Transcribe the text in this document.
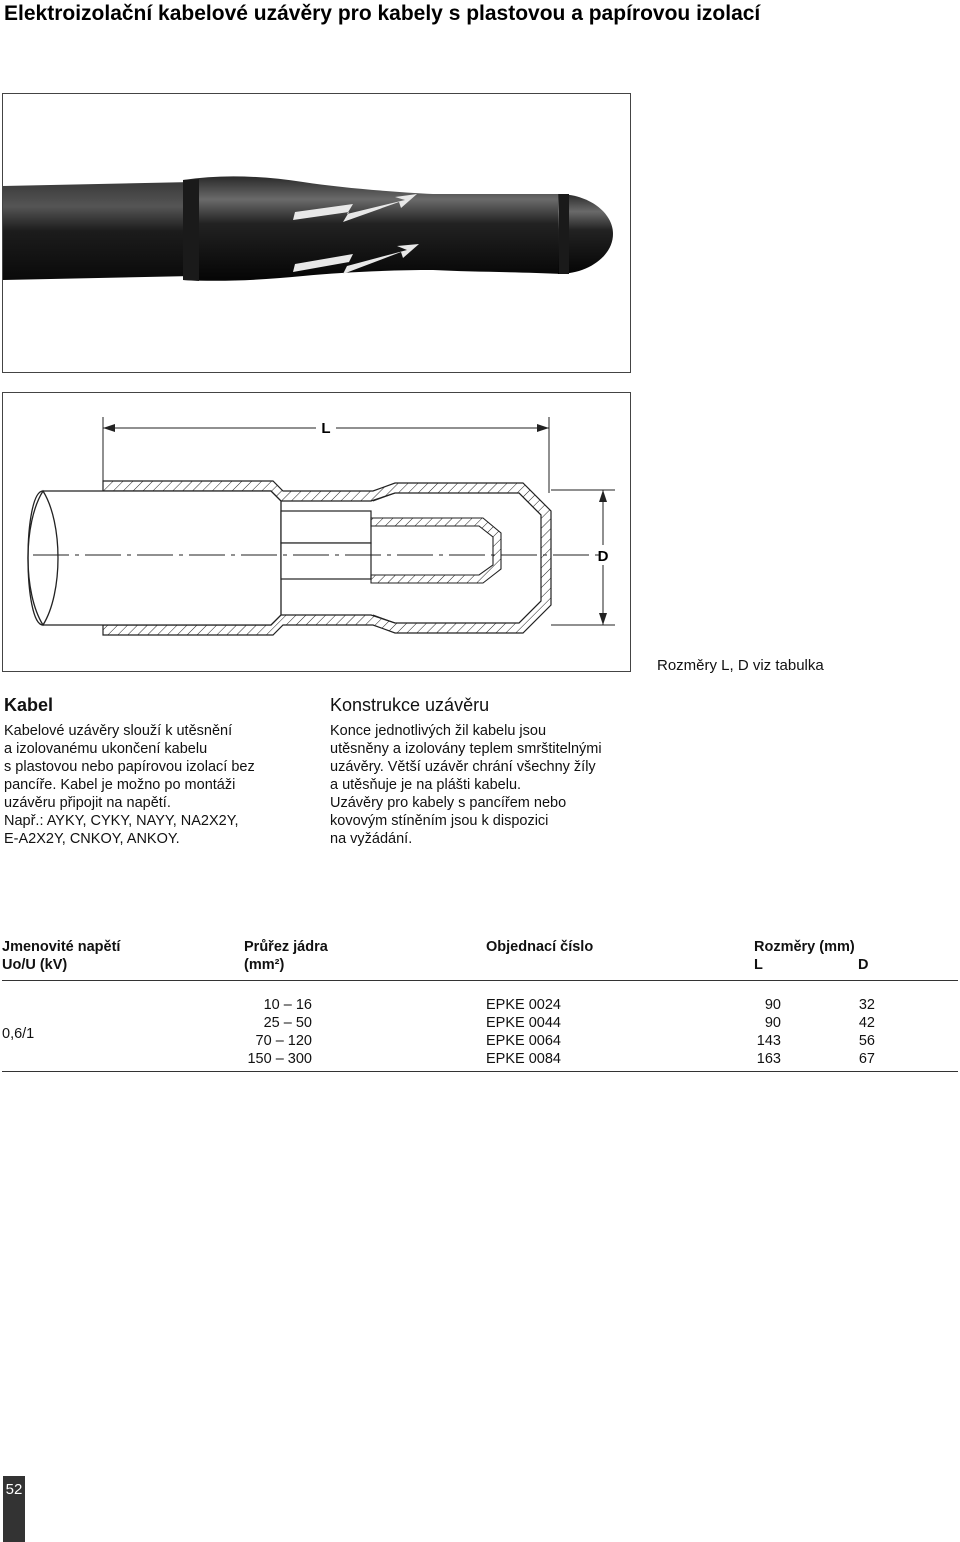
Elektroizolační kabelové uzávěry pro kabely s plastovou a papírovou izolací
L
D
Rozměry L, D viz tabulka
Kabel
Kabelové uzávěry slouží k utěsnění
a izolovanému ukončení kabelu
s plastovou nebo papírovou izolací bez
pancíře. Kabel je možno po montáži
uzávěru připojit na napětí.
Např.: AYKY, CYKY, NAYY, NA2X2Y,
E-A2X2Y, CNKOY, ANKOY.
Konstrukce uzávěru
Konce jednotlivých žil kabelu jsou
utěsněny a izolovány teplem smrštitelnými
uzávěry. Větší uzávěr chrání všechny žíly
a utěsňuje je na plášti kabelu.
Uzávěry pro kabely s pancířem nebo
kovovým stíněním jsou k dispozici
na vyžádání.
Jmenovité napětí	Průřez jádra	Objednací číslo	Rozměry (mm)	
Uo/U (kV)	(mm²)		L	D
0,6/1	10 – 16	EPKE 0024	90	32
	25 – 50	EPKE 0044	90	42
	70 – 120	EPKE 0064	143	56
	150 – 300	EPKE 0084	163	67
52
